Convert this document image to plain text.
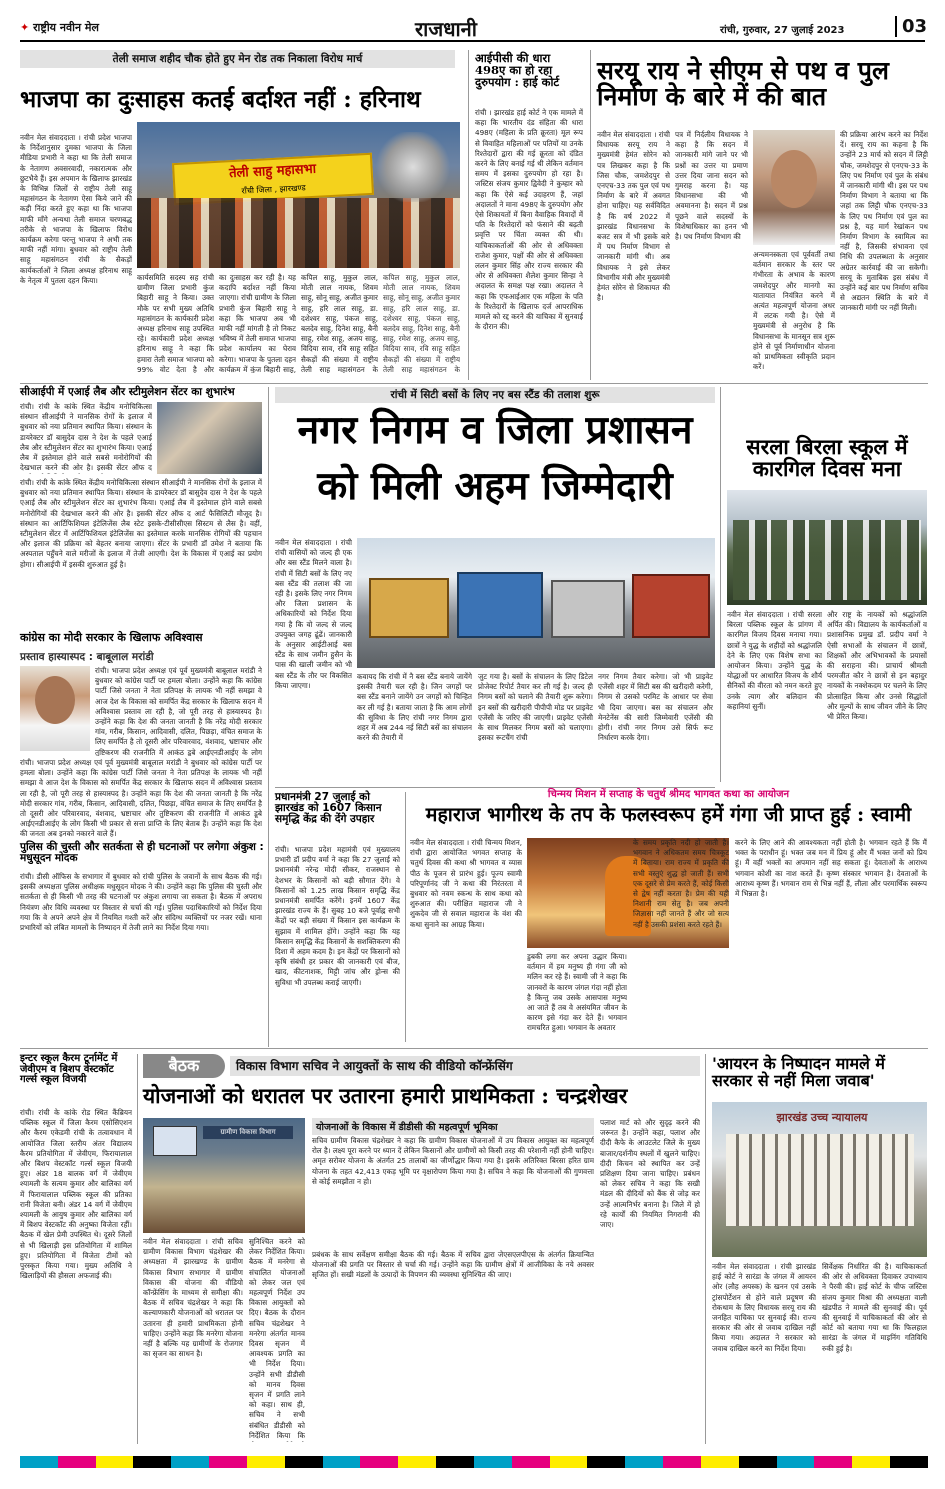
✦ राष्ट्रीय नवीन मेल	राजधानी	रांची, गुरुवार, 27 जुलाई 2023	03
तेली समाज शहीद चौक होते हुए मेन रोड तक निकाला विरोध मार्च
भाजपा का दुःसाहस कतई बर्दाश्त नहीं : हरिनाथ
तेली साहु महासभा
राँची जिला , झारखण्ड
नवीन मेल संवाददाता । रांची प्रदेश भाजपा के निर्देशानुसार दुमका भाजपा के जिला मीडिया प्रभारी ने कहा था कि तेली समाज के नेतागण अवसरवादी, नकारात्मक और छुटभैये हैं। इस अपमान के खिलाफ झारखंड के विभिन्न जिलों से राष्ट्रीय तेली साहू महासंगठन के नेतागण ऐसा किये जाने की कड़ी निंदा करते हुए कहा था कि भाजपा माफी माँगे अन्यथा तेली समाज चरणबद्ध तरीके से भाजपा के खिलाफ विरोध कार्यक्रम करेगा परन्तु भाजपा ने अभी तक माफी नहीं मांगा। बुधवार को राष्ट्रीय तेली साहू महासंगठन रांची के सैकड़ों कार्यकर्ताओं ने जिला अध्यक्ष हरिनाथ साहू के नेतृत्व में पुतला दहन किया।	कार्यसमिति सदस्य सह रांची ग्रामीण जिला प्रभारी कुंज बिहारी साहू ने किया। उक्त मौके पर सभी मुख्य अतिथि महासंगठन के कार्यकारी प्रदेश अध्यक्ष हरिनाथ साहू उपस्थित रहे। कार्यकारी प्रदेश अध्यक्ष हरिनाथ साहू ने कहा कि हमारा तेली समाज भाजपा को 99% वोट देता है और
का दुःसाहस कर रही है। यह कदापि बर्दाश्त नहीं किया जाएगा। रांची ग्रामीण के जिला प्रभारी कुंज बिहारी साहू ने कहा कि भाजपा अब भी माफी नहीं मांगती है तो निकट भविष्य में तेली समाज भाजपा प्रदेश कार्यालय का घेराव करेगा। भाजपा के पुतला दहन कार्यक्रम में कुंज बिहारी साहू,
कपिल साहू, मुकुल लाल, मोती लाल नायक, शिवम साहू, सोनू साहू, अजीत कुमार साहू, हरि लाल साहू, डा. दशेश्वर साहू, पंकज साहू, बलदेव साहू, दिनेश साहू, बैनी साहू, रमेश साहू, अजय साहू, विदिया साव, रवि साहू सहित सैकड़ों की संख्या में राष्ट्रीय तेली साहू महासंगठन के
कपिल साहू, मुकुल लाल, मोती लाल नायक, शिवम साहू, सोनू साहू, अजीत कुमार साहू, हरि लाल साहू, डा. दशेश्वर साहू, पंकज साहू, बलदेव साहू, दिनेश साहू, बैनी साहू, रमेश साहू, अजय साहू, विदिया साव, रवि साहू सहित सैकड़ों की संख्या में राष्ट्रीय तेली साहू महासंगठन के
आईपीसी की धारा 498ए का हो रहा दुरुपयोग : हाई कोर्ट
रांची । झारखंड हाई कोर्ट ने एक मामले में कहा कि भारतीय दंड संहिता की धारा 498ए (महिला के प्रति क्रूरता) मूल रूप से विवाहित महिलाओं पर पतियों या उनके रिश्तेदारों द्वारा की गई क्रूरता को दंडित करने के लिए बनाई गई थी लेकिन वर्तमान समय में इसका दुरुपयोग हो रहा है। जस्टिस संजय कुमार द्विवेदी ने कुम्हार को कहा कि ऐसे कई उदाहरण हैं, जहां अदालतों ने माना 498ए के दुरुपयोग और ऐसे शिकायतों में बिना वैवाहिक विवादों में पति के रिश्तेदारों को फंसाने की बढ़ती प्रवृत्ति पर चिंता व्यक्त की थी। याचिकाकर्ताओं की ओर से अधिवक्ता राजेश कुमार, पक्षों की ओर से अधिवक्ता ललन कुमार सिंह और राज्य सरकार की ओर से अधिवक्ता शैलेश कुमार सिन्हा ने अदालत के समक्ष पक्ष रखा। अदालत ने कहा कि एफआईआर एक महिला के पति के रिश्तेदारों के खिलाफ दर्ज आपराधिक मामले को रद्द करने की याचिका में सुनवाई के दौरान की।
सरयू राय ने सीएम से पथ व पुल निर्माण के बारे में की बात
नवीन मेल संवाददाता । रांची विधायक सरयू राय ने मुख्यमंत्री हेमंत सोरेन को पत्र लिखकर कहा है कि जिस चौक, जमशेदपुर से एनएच-33 तक पुल एवं पथ निर्माण के बारे में अवगत होना चाहिए। यह सर्वविदित है कि वर्ष 2022 में झारखंड विधानसभा के बजट सत्र में भी इसके बारे में पथ निर्माण विभाग से जानकारी मांगी थी। अब विधायक ने इसे लेकर विभागीय मंत्री और मुख्यमंत्री हेमंत सोरेन से शिकायत की है।
पत्र में निर्दलीय विधायक ने कहा है कि सदन में जानकारी मांगे जाने पर भी प्रश्नों का उत्तर या प्रमाण उत्तर दिया जाना सदन को गुमराह करना है। यह विधानसभा की भी अवमानना है। सदन में प्रश्न पूछने वाले सदस्यों के विशेषाधिकार का हनन भी है। पथ निर्माण विभाग की
अन्यमनस्कता एवं पूर्ववर्ती तथा वर्तमान सरकार के स्तर पर गंभीरता के अभाव के कारण जमशेदपुर और मानगो का यातायात नियंत्रित करने में अत्यंत महत्वपूर्ण योजना अधर में लटक गयी है। ऐसे में मुख्यमंत्री से अनुरोध है कि विधानसभा के मानसून सत्र शुरू होने से पूर्व निर्माणाधीन योजना को प्राथमिकता स्वीकृति प्रदान करें।
की प्रक्रिया आरंभ करने का निर्देश दें। सरयू राय का कहना है कि उन्होंने 23 मार्च को सदन में लिट्टी चौक, जमशेदपुर से एनएच-33 के लिए पथ निर्माण एवं पुल के संबंध में जानकारी मांगी थी। इस पर पथ निर्माण विभाग ने बताया था कि जहां तक लिट्टी चौक एनएच-33 के लिए पथ निर्माण एवं पुल का प्रश्न है, यह मार्ग रेखांकन पथ निर्माण विभाग के स्वामित्व का नहीं है, जिसकी संभावना एवं निधि की उपलब्धता के अनुसार अग्रेतर कार्रवाई की जा सकेगी। सरयू के मुताबिक इस संबंध में उन्होंने कई बार पथ निर्माण सचिव से अद्यतन स्थिति के बारे में जानकारी मांगी पर नहीं मिली।
सीआईपी में एआई लैब और स्टीमुलेशन सेंटर का शुभारंभ
रांची। रांची के कांके स्थित केंद्रीय मनोचिकित्सा संस्थान सीआईपी ने मानसिक रोगों के इलाज में बुधवार को नया प्रतिमान स्थापित किया। संस्थान के डायरेक्टर डॉ बासुदेव दास ने देश के पहले एआई लैब और स्टीमुलेशन सेंटर का शुभारंभ किया। एआई लैब में इस्तेमाल होने वाले सबसे मनोरोगियों की देखभाल करने की ओर है। इसकी सेंटर ऑफ द
रांची। रांची के कांके स्थित केंद्रीय मनोचिकित्सा संस्थान सीआईपी ने मानसिक रोगों के इलाज में बुधवार को नया प्रतिमान स्थापित किया। संस्थान के डायरेक्टर डॉ बासुदेव दास ने देश के पहले एआई लैब और स्टीमुलेशन सेंटर का शुभारंभ किया। एआई लैब में इस्तेमाल होने वाले सबसे मनोरोगियों की देखभाल करने की ओर है। इसकी सेंटर ऑफ द आर्ट फैसिलिटी मौजूद है। संस्थान का आर्टिफिशियल इंटेलिजेंस लैब स्टेट इसके-टीसीसीएस सिस्टम से लैस है। वहीं, स्टीमुलेशन सेंटर में आर्टिफिशियल इंटेलिजेंस का इस्तेमाल करके मानसिक रोगियों की पहचान और इलाज की प्रक्रिया को बेहतर बनाया जाएगा। सेंटर के प्रभारी डॉ उमेश ने बताया कि अस्पताल पहुँचने वाले मरीजों के इलाज में तेजी आएगी। देश के विकास में एआई का प्रयोग होगा। सीआईपी में इसकी शुरुआत हुई है।
कांग्रेस का मोदी सरकार के खिलाफ अविश्वास
प्रस्ताव हास्यास्पद : बाबूलाल मरांडी
रांची। भाजपा प्रदेश अध्यक्ष एवं पूर्व मुख्यमंत्री बाबूलाल मरांडी ने बुधवार को कांग्रेस पार्टी पर हमला बोला। उन्होंने कहा कि कांग्रेस पार्टी जिसे जनता ने नेता प्रतिपक्ष के लायक भी नहीं समझा वे आज देश के विकास को समर्पित केंद्र सरकार के खिलाफ सदन में अविश्वास प्रस्ताव ला रही है, जो पूरी तरह से हास्यास्पद है। उन्होंने कहा कि देश की जनता जानती है कि नरेंद्र मोदी सरकार गांव, गरीब, किसान, आदिवासी, दलित, पिछड़ा, वंचित समाज के लिए समर्पित है तो दूसरी ओर परिवारवाद, वंशवाद, भ्रष्टाचार और तुष्टिकरण की राजनीति में आकंठ डूबे आईएनडीआईए के लोग
रांची। भाजपा प्रदेश अध्यक्ष एवं पूर्व मुख्यमंत्री बाबूलाल मरांडी ने बुधवार को कांग्रेस पार्टी पर हमला बोला। उन्होंने कहा कि कांग्रेस पार्टी जिसे जनता ने नेता प्रतिपक्ष के लायक भी नहीं समझा वे आज देश के विकास को समर्पित केंद्र सरकार के खिलाफ सदन में अविश्वास प्रस्ताव ला रही है, जो पूरी तरह से हास्यास्पद है। उन्होंने कहा कि देश की जनता जानती है कि नरेंद्र मोदी सरकार गांव, गरीब, किसान, आदिवासी, दलित, पिछड़ा, वंचित समाज के लिए समर्पित है तो दूसरी ओर परिवारवाद, वंशवाद, भ्रष्टाचार और तुष्टिकरण की राजनीति में आकंठ डूबे आईएनडीआईए के लोग किसी भी प्रकार से सत्ता प्राप्ति के लिए बेताब हैं। उन्होंने कहा कि देश की जनता अब इनको नकारने वाले हैं।
पुलिस की चुस्ती और सतर्कता से ही घटनाओं पर लगेगा अंकुश : मधुसूदन मोदक
रांची। डीसी ऑफिस के सभागार में बुधवार को रांची पुलिस के जवानों के साथ बैठक की गई। इसकी अध्यक्षता पुलिस अधीक्षक मधुसूदन मोदक ने की। उन्होंने कहा कि पुलिस की चुस्ती और सतर्कता से ही किसी भी तरह की घटनाओं पर अंकुश लगाया जा सकता है। बैठक में अपराध नियंत्रण और विधि व्यवस्था पर विस्तार से चर्चा की गई। पुलिस पदाधिकारियों को निर्देश दिया गया कि वे अपने अपने क्षेत्र में नियमित गश्ती करें और संदिग्ध व्यक्तियों पर नजर रखें। थाना प्रभारियों को लंबित मामलों के निष्पादन में तेजी लाने का निर्देश दिया गया।
रांची में सिटी बसों के लिए नए बस स्टैंड की तलाश शुरू
नगर निगम व जिला प्रशासन
को मिली अहम जिम्मेदारी
नवीन मेल संवाददाता । रांची रांची वासियों को जल्द ही एक और बस स्टैंड मिलने वाला है। रांची में सिटी बसों के लिए नए बस स्टैंड की तलाश की जा रही है। इसके लिए नगर निगम और जिला प्रशासन के अधिकारियों को निर्देश दिया गया है कि वो जल्द से जल्द उपयुक्त जगह ढूंढें। जानकारी के अनुसार आईटीआई बस स्टैंड के साथ जमीन हुसैन के पास की खाली जमीन को भी बस स्टैंड के तौर पर विकसित किया जाएगा।
कवायद कि रांची में नै बस स्टैंड बनाये जायेंगे इसकी तैयारी चल रही है। जिन जगहों पर बस स्टैंड बनाने जायेंगे उन जगहों को चिन्हित कर ली गई है। बताया जाता है कि आम लोगों की सुविधा के लिए रांची नगर निगम द्वारा शहर में अब 244 नई सिटी बसें का संचालन करने की तैयारी में
जुट गया है। बसों के संचालन के लिए डिटेल प्रोजेक्ट रिपोर्ट तैयार कर ली गई है। जल्द ही निगम बसों को चलाने की तैयारी शुरू करेगा। इन बसों की खरीदारी पीपीपी मोड पर प्राइवेट एजेंसी के जरिए की जाएगी। प्राइवेट एजेंसी के साथ मिलकर निगम बसों को चलाएगा। इसका रूटचैंग रांची
नगर निगम तैयार करेगा। जो भी प्राइवेट एजेंसी शहर में सिटी बस की खरीदारी करेगी, निगम से उसको परमिट के आधार पर सेवा भी दिया जाएगा। बस का संचालन और मेनटेनेंस की सारी जिम्मेवारी एजेंसी की होगी। रांची नगर निगम उसे सिर्फ रूट निर्धारण करके देगा।
प्रधानमंत्री 27 जुलाई को झारखंड को 1607 किसान समृद्धि केंद्र की देंगे उपहार
रांची। भाजपा प्रदेश महामंत्री एवं मुख्यालय प्रभारी डॉ प्रदीप वर्मा ने कहा कि 27 जुलाई को प्रधानमंत्री नरेन्द्र मोदी सीकर, राजस्थान से देशभर के किसानों को बड़ी सौगात देंगे। वे किसानों को 1.25 लाख किसान समृद्धि केंद्र प्रधानमंत्री समर्पित करेंगे। इनमें 1607 केंद्र झारखंड राज्य के हैं। सुबह 10 बजे पूर्वाह्न सभी केंद्रों पर बड़ी संख्या में किसान इस कार्यक्रम के सुझाव में शामिल होंगे। उन्होंने कहा कि यह किसान समृद्धि केंद्र किसानों के सशक्तिकरण की दिशा में अहम कदम है। इन केंद्रों पर किसानों को कृषि संबंधी हर प्रकार की जानकारी एवं बीज, खाद, कीटनाशक, मिट्टी जांच और ड्रोन्स की सुविधा भी उपलब्ध कराई जाएगी।
सरला बिरला स्कूल में कारगिल दिवस मना
नवीन मेल संवाददाता । रांची सरला बिरला पब्लिक स्कूल के प्रांगण में कारगिल विजय दिवस मनाया गया। छात्रों ने युद्ध के शहीदों को श्रद्धांजलि देने के लिए एक विशेष सभा का आयोजन किया। उन्होंने युद्ध के योद्धाओं पर आधारित विजय के शौर्य सैनिकों की वीरता को नमन करते हुए उनके त्याग और बलिदान की कहानियां सुनीं।
और राष्ट्र के नायकों को श्रद्धांजलि अर्पित की। विद्यालय के कार्यकर्ताओं व प्रशासनिक प्रमुख डॉ. प्रदीप वर्मा ने ऐसी सभाओं के संचालन में छात्रों, शिक्षकों और अभिभावकों के प्रयासों की सराहना की। प्राचार्य श्रीमती परमजीत कौर ने छात्रों से इन बहादुर नायकों के नक्शेकदम पर चलने के लिए प्रोत्साहित किया और उनसे सिद्धांतों और मूल्यों के साथ जीवन जीने के लिए भी प्रेरित किया।
चिन्मय मिशन में सप्ताह के चतुर्थ श्रीमद भागवत कथा का आयोजन
महाराज भागीरथ के तप के फलस्वरूप हमें गंगा जी प्राप्त हुई : स्वामी
नवीन मेल संवाददाता । रांची चिन्मय मिशन, रांची द्वारा आयोजित भगवत सप्ताह के चतुर्थ दिवस की कथा श्री भागवत व व्यास पीठ के पूजन से प्रारंभ हुई। पूज्य स्वामी परिपूर्णानंद जी ने कथा की निरंतरता में बुधवार को नवम स्कन्ध के साथ कथा को शुरुआत की। परीक्षित महाराज जी ने शुकदेव जी से सवाल महाराज के वंश की कथा सुनाने का आग्रह किया।
डुबकी लगा कर अपना उद्धार किया। वर्तमान में हम मनुष्य ही गंगा जी को मलिन कर रहे हैं। स्वामी जी ने कहा कि जानवरों के कारण जंगल गंदा नहीं होता है किन्तु जब उसके आसपास मनुष्य आ जाते हैं तब वे असंयमित जीवन के कारण इसे गंदा कर देते हैं। भगवान रामचरित हुआ। भगवान के अवतार
के समय प्रकृति नदी हो जाती है। भगवान ने अधिकतम समय चित्रकूट में बिताया। राम राज्य में प्रकृति की सभी वस्तुएं शुद्ध हो जाती हैं। सभी एक दूसरे से प्रेम करते हैं, कोई किसी से द्वेष नहीं करता है। प्रेम की यही निशानी राम सेतु है। जब अपनी जिज्ञासा नहीं जानते हैं और जो सत्य नहीं है उसकी प्रशंसा करते रहते हैं।
करने के लिए आने की आवश्यकता नहीं होती है। भगवान रहते हैं कि मैं भक्त के पराधीन हूं। भक्त जब मन में प्रिय हूं और मैं भक्त जनों को प्रिय हूं। मैं वहीं भक्तों का अपमान नहीं सह सकता हूं। देवताओं के आराध्य भगवान कोशी का नाश करते हैं। कृष्ण संस्कार भगवान है। देवताओं के आराध्य कृष्ण हैं। भगवान राम से भिन्न नहीं हैं, लीला और परमार्थिक स्वरूप में भिन्नता है।
इन्टर स्कूल कैरम टूर्नामेंट में जेवीएम व बिशप वेस्टकॉट गर्ल्स स्कूल विजयी
रांची। रांची के कांके रोड स्थित कैंब्रियन पब्लिक स्कूल में जिला कैरम एसोसिएशन और कैरम एकेडमी रांची के तत्वावधान में आयोजित जिला स्तरीय अंतर विद्यालय कैरम प्रतियोगिता में जेवीएम, फिरायालाल और बिशप वेस्टकॉट गर्ल्स स्कूल विजयी हुए। अंडर 18 बालक वर्ग में जेवीएम श्यामली के सत्यम कुमार और बालिका वर्ग में फिरायालाल पब्लिक स्कूल की प्रतिका रानी विजेता बनी। अंडर 14 वर्ग में जेवीएम श्यामली के आयुष कुमार और बालिका वर्ग में बिशप वेस्टकॉट की अनुष्का विजेता रहीं। बैठक में खेल प्रेमी उपस्थित थे। दूसरे जिलों से भी खिलाड़ी इस प्रतियोगिता में शामिल हुए। प्रतियोगिता में विजेता टीमों को पुरस्कृत किया गया। मुख्य अतिथि ने खिलाड़ियों की हौसला अफजाई की।
बैठक	विकास विभाग सचिव ने आयुक्तों के साथ की वीडियो कॉन्फ्रेंसिंग
योजनाओं को धरातल पर उतारना हमारी प्राथमिकता : चन्द्रशेखर
ग्रामीण विकास विभाग
नवीन मेल संवाददाता । रांची सचिव ग्रामीण विकास विभाग चंद्रशेखर की अध्यक्षता में झारखण्ड के ग्रामीण विकास विभाग सभागार में ग्रामीण विकास की योजना की वीडियो कॉन्फ्रेंसिंग के माध्यम से समीक्षा की। बैठक में सचिव चंद्रशेखर ने कहा कि कल्याणकारी योजनाओं को धरातल पर उतारना ही हमारी प्राथमिकता होनी चाहिए। उन्होंने कहा कि मनरेगा योजना नहीं है बल्कि यह ग्रामीणों के रोजगार का सृजन का साधन है।
सुनिश्चित करने को लेकर निर्देशित किया। बैठक में मनरेगा से संचालित योजनाओं को लेकर जल एवं महत्वपूर्ण निर्देश उप विकास आयुक्तों को दिए। बैठक के दौरान सचिव चंद्रशेखर ने मनरेगा अंतर्गत मानव दिवस सृजन में आवश्यक प्रगति का भी निर्देश दिया। उन्होंने सभी डीडीसी को मानव दिवस सृजन में प्रगति लाने को कहा। साथ ही, सचिव ने सभी संबंधित डीडीसी को निर्देशित किया कि
योजनाओं के विकास में डीडीसी की महत्वपूर्ण भूमिका
सचिव ग्रामीण विकास चंद्रशेखर ने कहा कि ग्रामीण विकास योजनाओं में उप विकास आयुक्त का महत्वपूर्ण रोल है। लक्ष्य पूरा करने पर ध्यान दें लेकिन किसानों और ग्रामीणों को किसी तरह की परेशानी नहीं होनी चाहिए। अमृत सरोवर योजना के अंतर्गत 25 तालाबों का जीर्णोद्धार किया गया है। इसके अतिरिक्त बिरसा हरित ग्राम योजना के तहत 42,413 एकड़ भूमि पर वृक्षारोपण किया गया है। सचिव ने कहा कि योजनाओं की गुणवत्ता से कोई समझौता न हो।
प्रबंधक के साथ सर्वेक्षण समीक्षा बैठक की गई। बैठक में सचिव द्वारा जेएसएलपीएस के अंतर्गत क्रियान्वित योजनाओं की प्रगति पर विस्तार से चर्चा की गई। उन्होंने कहा कि ग्रामीण क्षेत्रों में आजीविका के नये अवसर सृजित हों। सखी मंडलों के उत्पादों के विपणन की व्यवस्था सुनिश्चित की जाए।
पलाश मार्ट को और सुदृढ़ करने की जरूरत है। उन्होंने कहा, पलाश और दीदी कैफे के आउटलेट जिले के मुख्य बाजार/दर्शनीय स्थलों में खुलने चाहिए। दीदी किचन को स्थापित कर उन्हें प्रशिक्षण दिया जाना चाहिए। प्रबंधन को लेकर सचिव ने कहा कि सखी मंडल की दीदियों को बैंक से जोड़ कर उन्हें आत्मनिर्भर बनाना है। जिले में हो रहे कार्यों की नियमित निगरानी की जाए।
'आयरन के निष्पादन मामले में सरकार से नहीं मिला जवाब'
झारखंड उच्च न्यायालय
नवीन मेल संवाददाता । रांची झारखंड हाई कोर्ट ने सारंडा के जंगल में आयरन ओर (लौह अयस्क) के खनन एवं उसके ट्रांसपोर्टेशन से होने वाले प्रदूषण की रोकथाम के लिए विधायक सरयू राय की जनहित याचिका पर सुनवाई की। राज्य सरकार की ओर से जवाब दाखिल नहीं किया गया। अदालत ने सरकार को जवाब दाखिल करने का निर्देश दिया।
सिर्वेक्षक निर्धारित की है। याचिकाकर्ता की ओर से अधिवक्ता दिवाकर उपाध्याय ने पैरवी की। हाई कोर्ट के चीफ जस्टिस संजय कुमार मिश्रा की अध्यक्षता वाली खंडपीठ ने मामले की सुनवाई की। पूर्व की सुनवाई में याचिकाकर्ता की ओर से कोर्ट को बताया गया था कि फिलहाल सारंडा के जंगल में माइनिंग गतिविधि रुकी हुई है।
